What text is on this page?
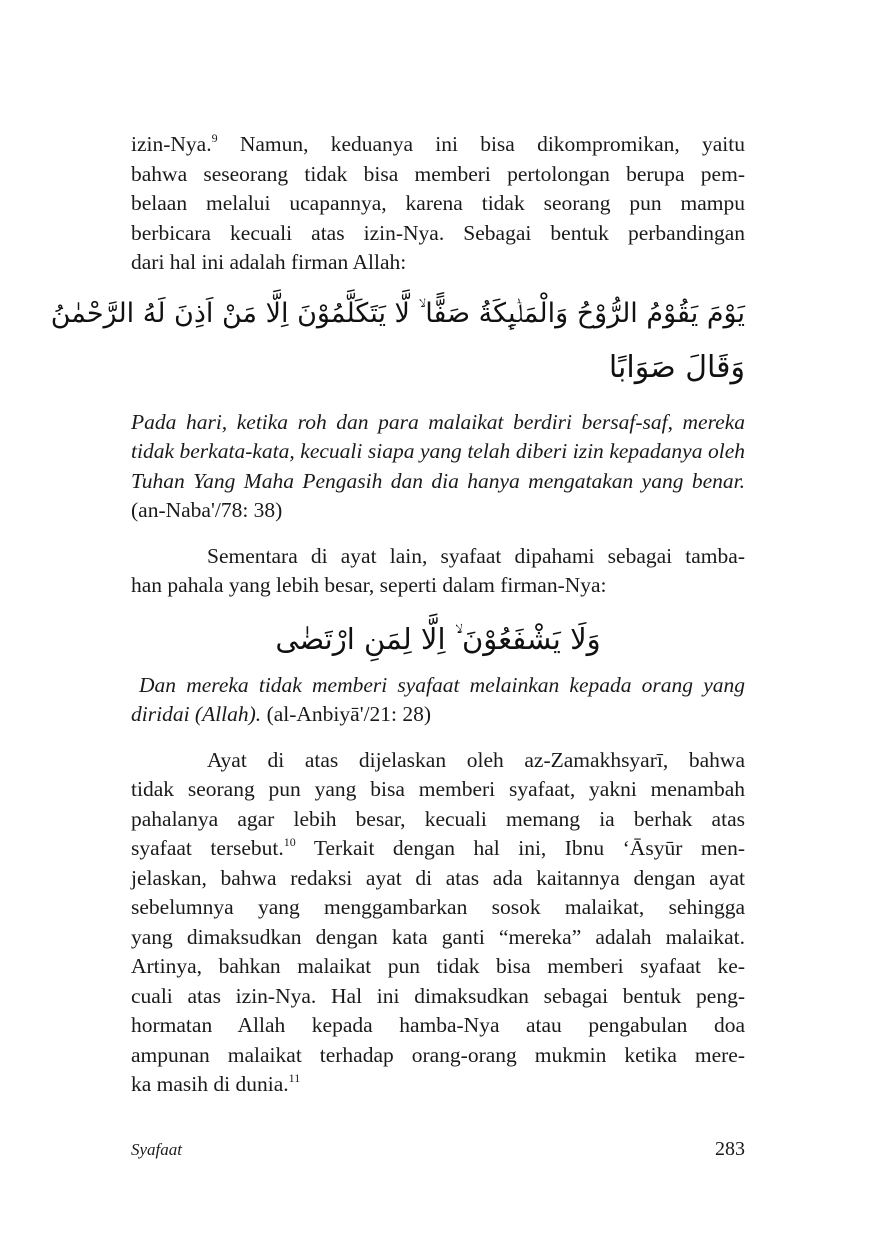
izin-Nya.$^9$ Namun, keduanya ini bisa dikompromikan, yaitu
bahwa seseorang tidak bisa memberi pertolongan berupa pem-
belaan melalui ucapannya, karena tidak seorang pun mampu
berbicara kecuali atas izin-Nya. Sebagai bentuk perbandingan
dari hal ini adalah firman Allah:

يَوْمَ يَقُوْمُ الرُّوْحُ وَالْمَلٰۤىِٕكَةُ صَفًّا ۙ لَّا يَتَكَلَّمُوْنَ اِلَّا مَنْ اَذِنَ لَهُ الرَّحْمٰنُ

وَقَالَ صَوَابًا

Pada hari, ketika roh dan para malaikat berdiri bersaf-saf, mereka
tidak berkata-kata, kecuali siapa yang telah diberi izin kepadanya oleh
Tuhan Yang Maha Pengasih dan dia hanya mengatakan yang benar.
(an-Naba'/78: 38)

Sementara di ayat lain, syafaat dipahami sebagai tamba-

han pahala yang lebih besar, seperti dalam firman-Nya:

وَلَا يَشْفَعُوْنَ ۙ اِلَّا لِمَنِ ارْتَضٰى

Dan mereka tidak memberi syafaat melainkan kepada orang yang
diridai (Allah). (al-Anbiyā'/21: 28)

Ayat di atas dijelaskan oleh az-Zamakhsyarī, bahwa
tidak seorang pun yang bisa memberi syafaat, yakni menambah
pahalanya agar lebih besar, kecuali memang ia berhak atas
syafaat tersebut.$^{10}$ Terkait dengan hal ini, Ibnu ‘Āsyūr men-
jelaskan, bahwa redaksi ayat di atas ada kaitannya dengan ayat
sebelumnya yang menggambarkan sosok malaikat, sehingga
yang dimaksudkan dengan kata ganti “mereka” adalah malaikat.
Artinya, bahkan malaikat pun tidak bisa memberi syafaat ke-
cuali atas izin-Nya. Hal ini dimaksudkan sebagai bentuk peng-
hormatan Allah kepada hamba-Nya atau pengabulan doa
ampunan malaikat terhadap orang-orang mukmin ketika mere-
ka masih di dunia.$^{11}$

Syafaat	283
